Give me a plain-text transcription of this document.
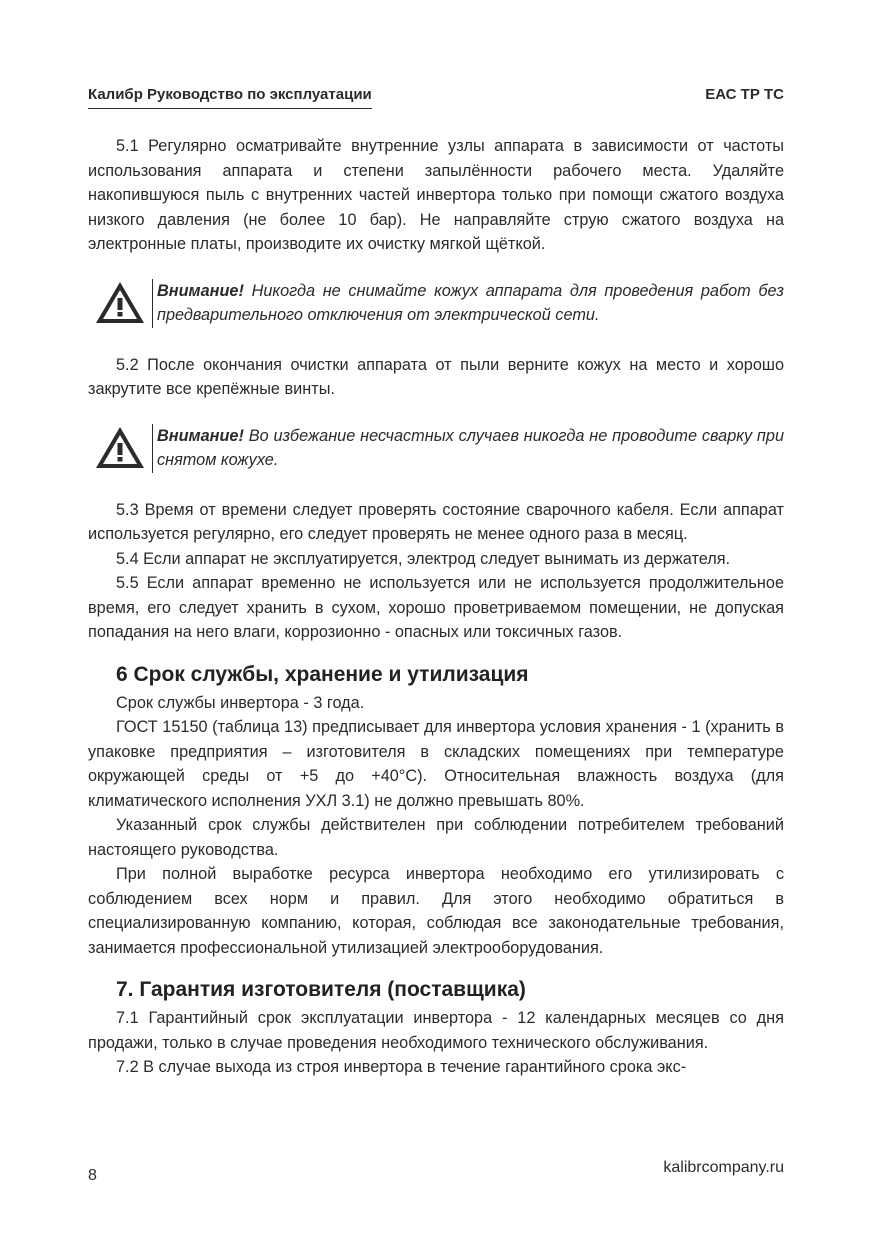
Калибр Руководство по эксплуатации	ЕАС ТР ТС

5.1 Регулярно осматривайте внутренние узлы аппарата в зависимости от частоты использования аппарата и степени запылённости рабочего места. Удаляйте накопившуюся пыль с внутренних частей инвертора только при помощи сжатого воздуха низкого давления (не более 10 бар). Не направляйте струю сжатого воздуха на электронные платы, производите их очистку мягкой щёткой.

Внимание! Никогда не снимайте кожух аппарата для проведения работ без предварительного отключения от электрической сети.

5.2 После окончания очистки аппарата от пыли верните кожух на место и хорошо закрутите все крепёжные винты.

Внимание! Во избежание несчастных случаев никогда не проводите сварку при снятом кожухе.

5.3 Время от времени следует проверять состояние сварочного кабеля. Если аппарат используется регулярно, его следует проверять не менее одного раза в месяц.

5.4 Если аппарат не эксплуатируется, электрод следует вынимать из держателя.

5.5 Если аппарат временно не используется или не используется продолжительное время, его следует хранить в сухом, хорошо проветриваемом помещении, не допуская попадания на него влаги, коррозионно - опасных или токсичных газов.

6 Срок службы, хранение и утилизация

Срок службы инвертора - 3 года.

ГОСТ 15150 (таблица 13) предписывает для инвертора условия хранения - 1 (хранить в упаковке предприятия – изготовителя в складских помещениях при температуре окружающей среды от +5 до +40°С). Относительная влажность воздуха (для климатического исполнения УХЛ 3.1) не должно превышать 80%.

Указанный срок службы действителен при соблюдении потребителем требований настоящего руководства.

При полной выработке ресурса инвертора необходимо его утилизировать с соблюдением всех норм и правил. Для этого необходимо обратиться в специализированную компанию, которая, соблюдая все законодательные требования, занимается профессиональной утилизацией электрооборудования.

7. Гарантия изготовителя (поставщика)

7.1 Гарантийный срок эксплуатации инвертора - 12 календарных месяцев со дня продажи, только в случае проведения необходимого технического обслуживания.

7.2 В случае выхода из строя инвертора в течение гарантийного срока экс-

8	kalibrcompany.ru
